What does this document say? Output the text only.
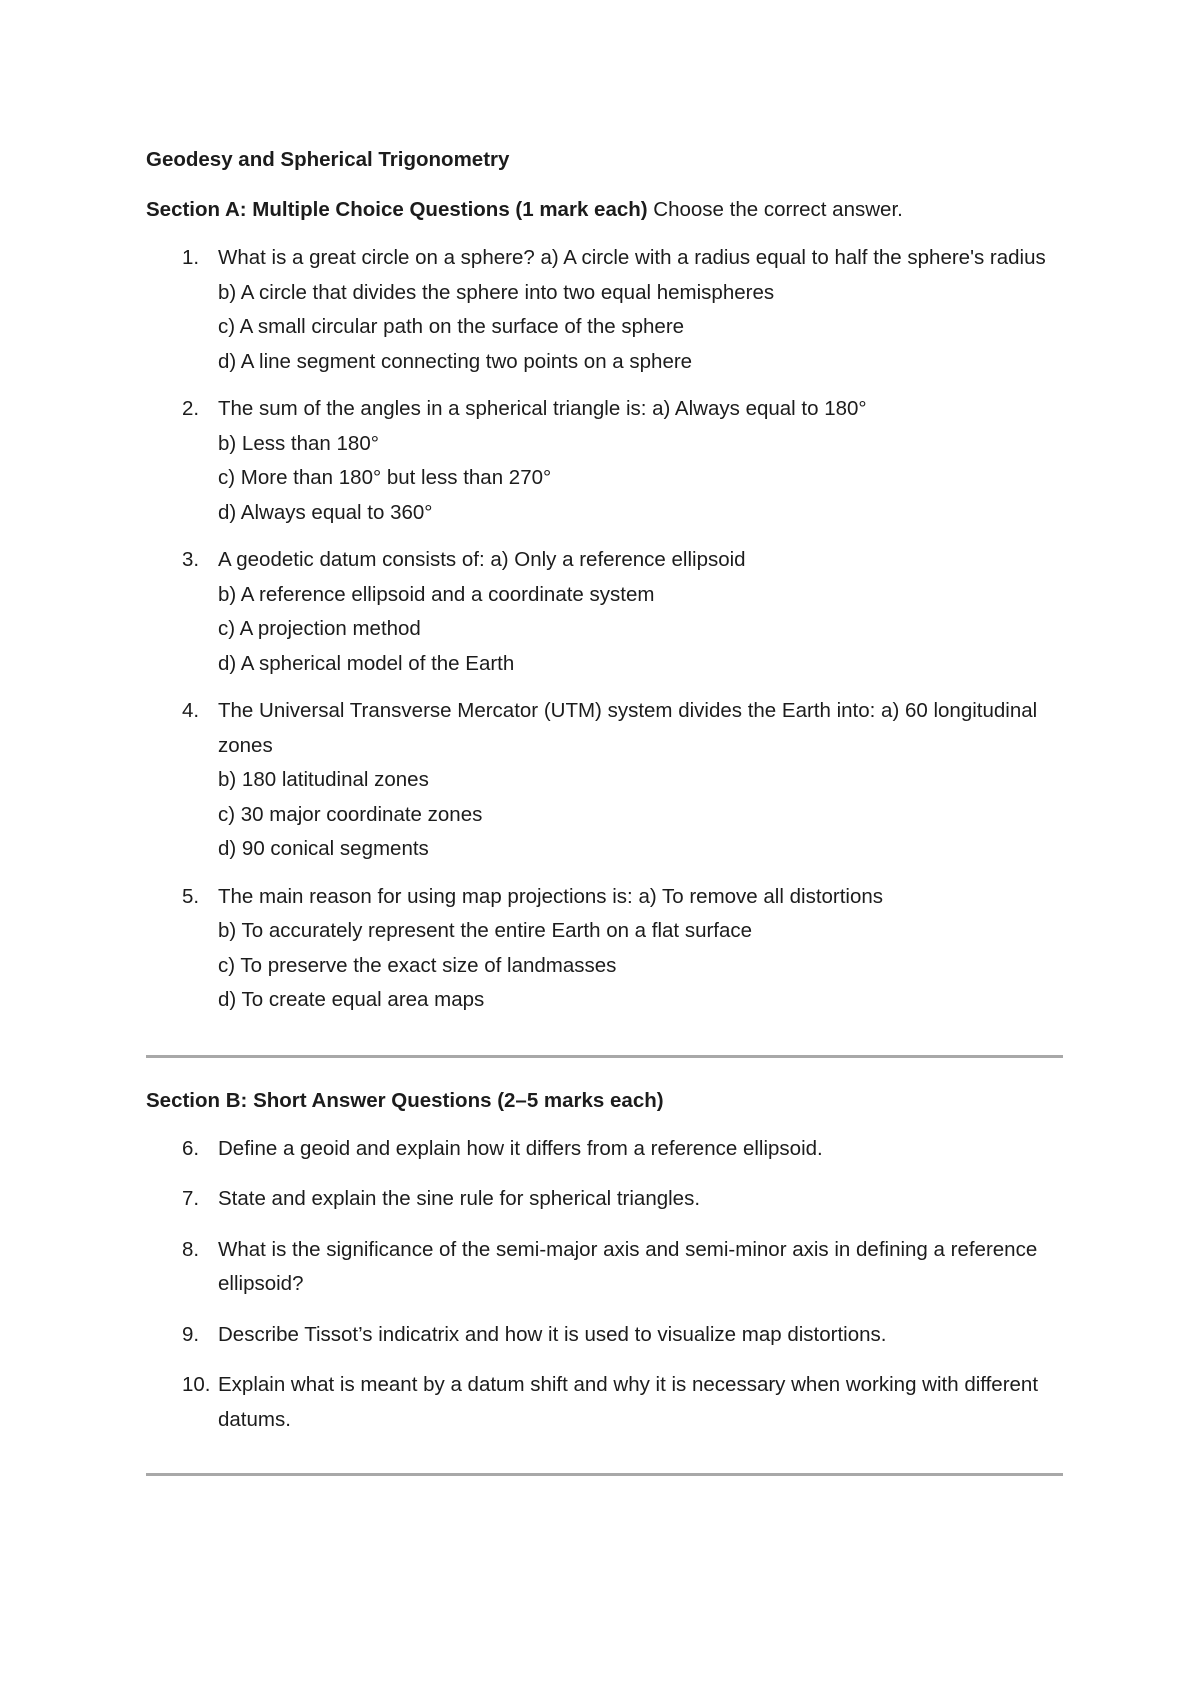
Geodesy and Spherical Trigonometry

Section A: Multiple Choice Questions (1 mark each) Choose the correct answer.

1. What is a great circle on a sphere? a) A circle with a radius equal to half the sphere's radius
b) A circle that divides the sphere into two equal hemispheres
c) A small circular path on the surface of the sphere
d) A line segment connecting two points on a sphere
2. The sum of the angles in a spherical triangle is: a) Always equal to 180°
b) Less than 180°
c) More than 180° but less than 270°
d) Always equal to 360°
3. A geodetic datum consists of: a) Only a reference ellipsoid
b) A reference ellipsoid and a coordinate system
c) A projection method
d) A spherical model of the Earth
4. The Universal Transverse Mercator (UTM) system divides the Earth into: a) 60 longitudinal zones
b) 180 latitudinal zones
c) 30 major coordinate zones
d) 90 conical segments
5. The main reason for using map projections is: a) To remove all distortions
b) To accurately represent the entire Earth on a flat surface
c) To preserve the exact size of landmasses
d) To create equal area maps

Section B: Short Answer Questions (2–5 marks each)

6. Define a geoid and explain how it differs from a reference ellipsoid.
7. State and explain the sine rule for spherical triangles.
8. What is the significance of the semi-major axis and semi-minor axis in defining a reference ellipsoid?
9. Describe Tissot’s indicatrix and how it is used to visualize map distortions.
10. Explain what is meant by a datum shift and why it is necessary when working with different datums.
